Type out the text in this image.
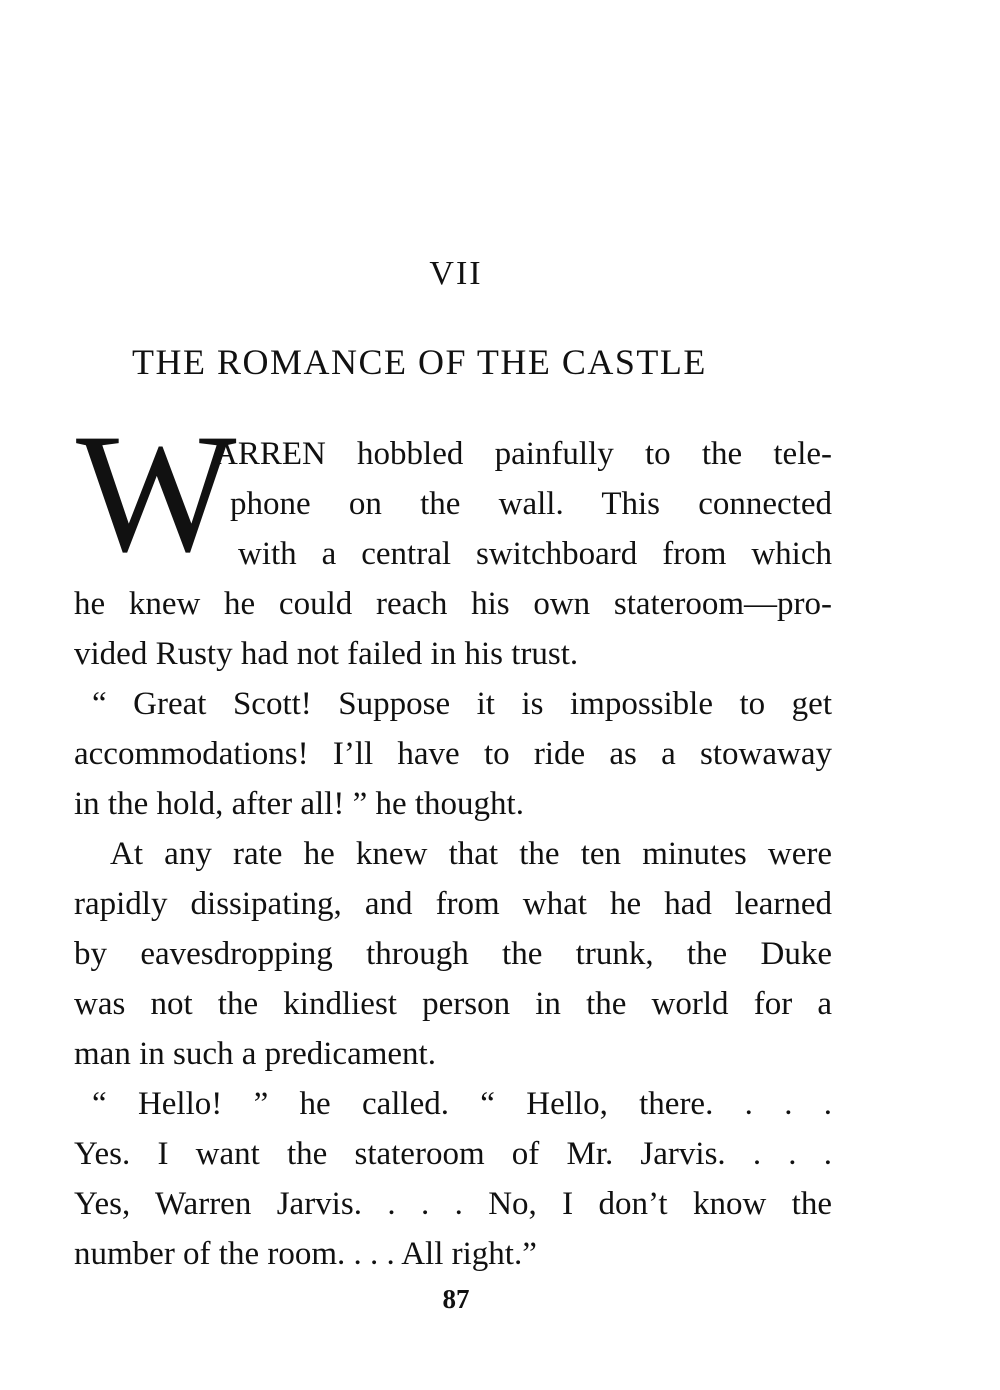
VII
THE ROMANCE OF THE CASTLE
W
ARREN hobbled painfully to the tele-
phone on the wall. This connected
with a central switchboard from which
he knew he could reach his own stateroom—pro-
vided Rusty had not failed in his trust.
“ Great Scott! Suppose it is impossible to get
accommodations! I’ll have to ride as a stowaway
in the hold, after all! ” he thought.
At any rate he knew that the ten minutes were
rapidly dissipating, and from what he had learned
by eavesdropping through the trunk, the Duke
was not the kindliest person in the world for a
man in such a predicament.
“ Hello! ” he called. “ Hello, there. . . .
Yes. I want the stateroom of Mr. Jarvis. . . .
Yes, Warren Jarvis. . . . No, I don’t know the
number of the room. . . . All right.”
87
